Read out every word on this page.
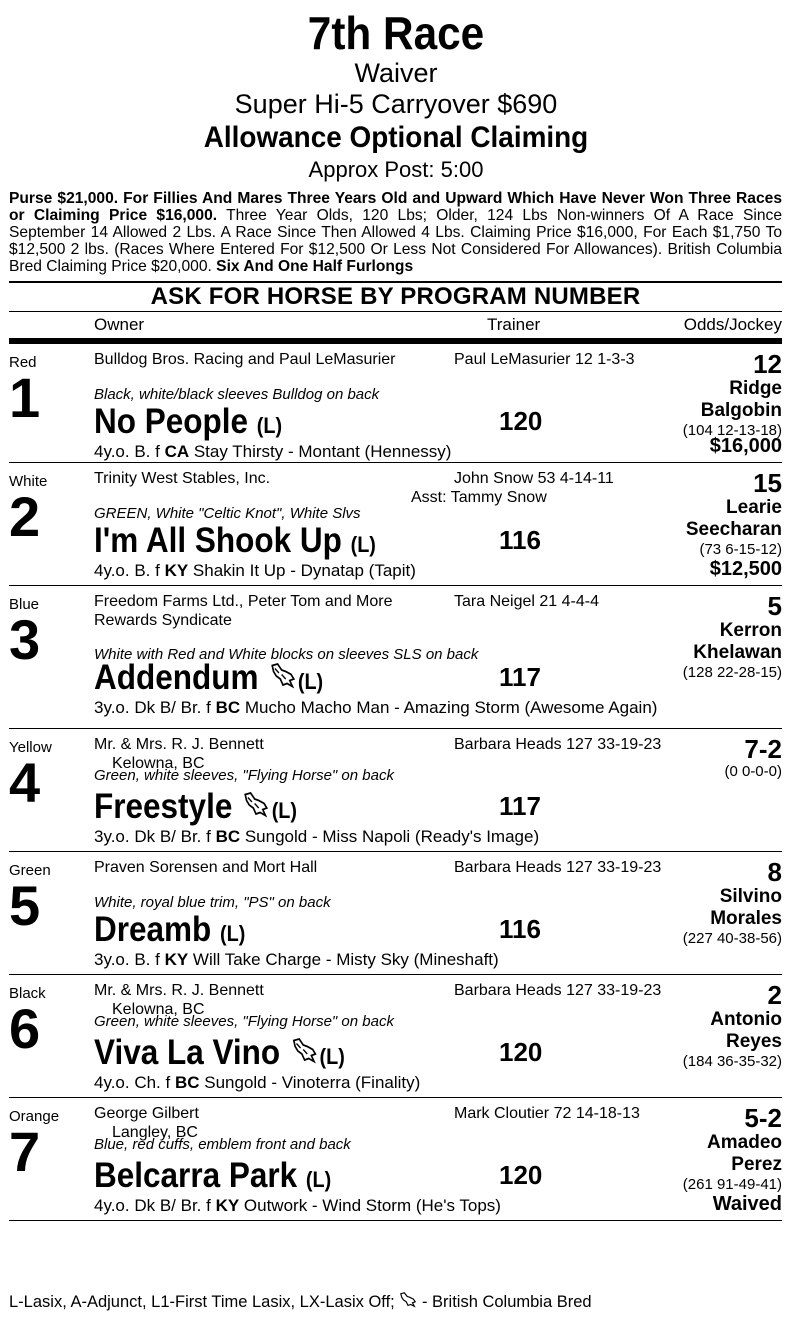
7th Race
Waiver
Super Hi-5 Carryover $690
Allowance Optional Claiming
Approx Post: 5:00
Purse $21,000. For Fillies And Mares Three Years Old and Upward Which Have Never Won Three Races or Claiming Price $16,000. Three Year Olds, 120 Lbs; Older, 124 Lbs Non-winners Of A Race Since September 14 Allowed 2 Lbs. A Race Since Then Allowed 4 Lbs. Claiming Price $16,000, For Each $1,750 To $12,500 2 lbs. (Races Where Entered For $12,500 Or Less Not Considered For Allowances). British Columbia Bred Claiming Price $20,000. Six And One Half Furlongs
ASK FOR HORSE BY PROGRAM NUMBER
Owner	Trainer	Odds/Jockey
Red
1
Bulldog Bros. Racing and Paul LeMasurier
Black, white/black sleeves Bulldog on back
No People (L)
4y.o. B. f CA Stay Thirsty - Montant (Hennessy)
Paul LeMasurier 12 1-3-3
120
12
Ridge
Balgobin
(104 12-13-18)
$16,000
White
2
Trinity West Stables, Inc.
GREEN, White "Celtic Knot", White Slvs
I'm All Shook Up (L)
4y.o. B. f KY Shakin It Up - Dynatap (Tapit)
John Snow 53 4-14-11
Asst: Tammy Snow
116
15
Learie
Seecharan
(73 6-15-12)
$12,500
Blue
3
Freedom Farms Ltd., Peter Tom and More
Rewards Syndicate
White with Red and White blocks on sleeves SLS on back
Addendum (L)
3y.o. Dk B/ Br. f BC Mucho Macho Man - Amazing Storm (Awesome Again)
Tara Neigel 21 4-4-4
117
5
Kerron
Khelawan
(128 22-28-15)
Yellow
4
Mr. & Mrs. R. J. Bennett
Kelowna, BC
Green, white sleeves, "Flying Horse" on back
Freestyle (L)
3y.o. Dk B/ Br. f BC Sungold - Miss Napoli (Ready's Image)
Barbara Heads 127 33-19-23
117
7-2
(0 0-0-0)
Green
5
Praven Sorensen and Mort Hall
White, royal blue trim, "PS" on back
Dreamb (L)
3y.o. B. f KY Will Take Charge - Misty Sky (Mineshaft)
Barbara Heads 127 33-19-23
116
8
Silvino
Morales
(227 40-38-56)
Black
6
Mr. & Mrs. R. J. Bennett
Kelowna, BC
Green, white sleeves, "Flying Horse" on back
Viva La Vino (L)
4y.o. Ch. f BC Sungold - Vinoterra (Finality)
Barbara Heads 127 33-19-23
120
2
Antonio
Reyes
(184 36-35-32)
Orange
7
George Gilbert
Langley, BC
Blue, red cuffs, emblem front and back
Belcarra Park (L)
4y.o. Dk B/ Br. f KY Outwork - Wind Storm (He's Tops)
Mark Cloutier 72 14-18-13
120
5-2
Amadeo
Perez
(261 91-49-41)
Waived
L-Lasix, A-Adjunct, L1-First Time Lasix, LX-Lasix Off;  - British Columbia Bred
